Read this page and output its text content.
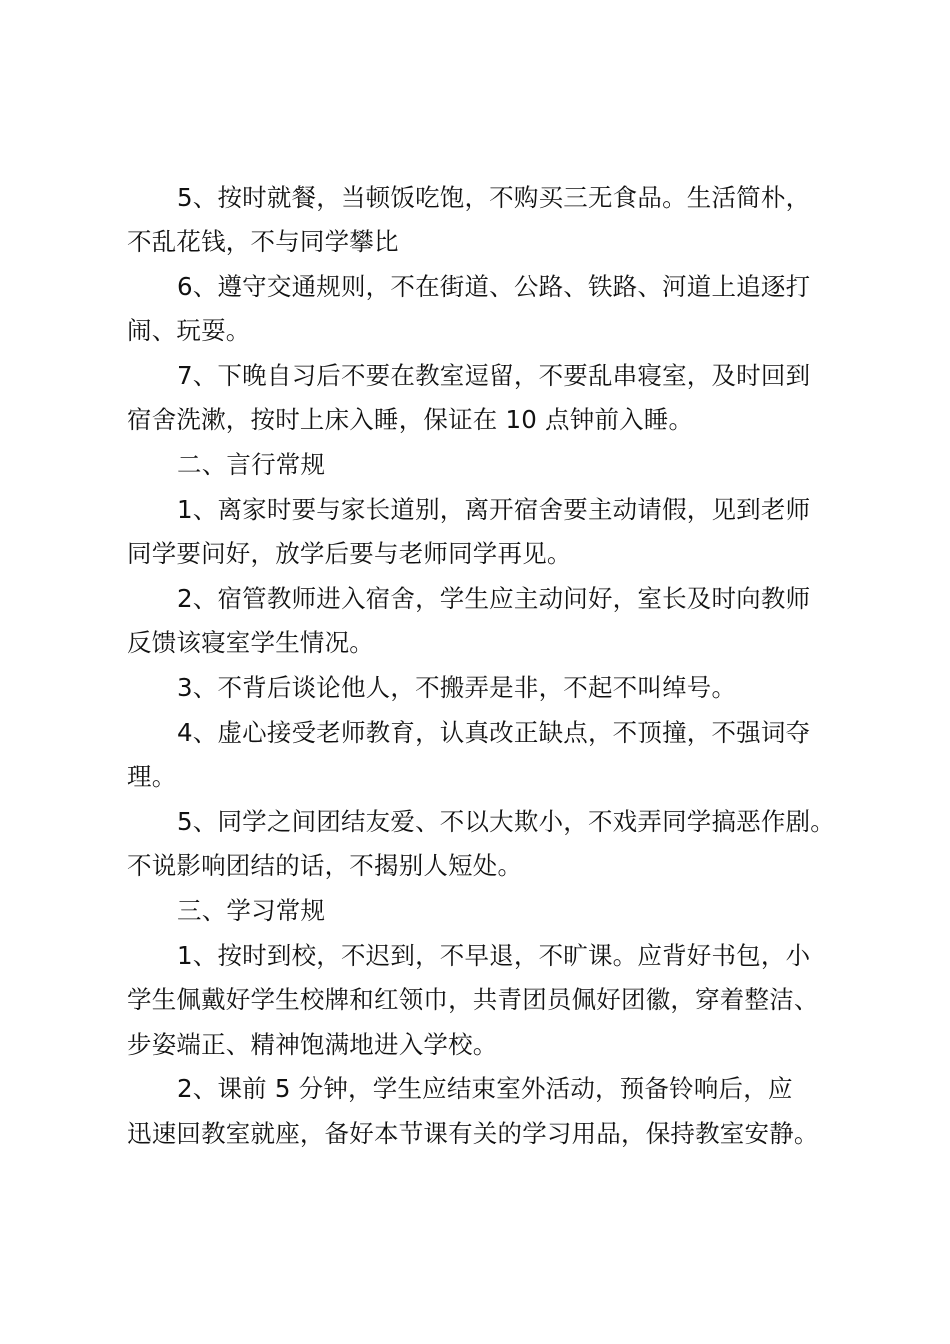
5、按时就餐，当顿饭吃饱，不购买三无食品。生活简朴，

不乱花钱，不与同学攀比

6、遵守交通规则，不在街道、公路、铁路、河道上追逐打

闹、玩耍。

7、下晚自习后不要在教室逗留，不要乱串寝室，及时回到

宿舍洗漱，按时上床入睡，保证在 10 点钟前入睡。

二、言行常规

1、离家时要与家长道别，离开宿舍要主动请假，见到老师

同学要问好，放学后要与老师同学再见。

2、宿管教师进入宿舍，学生应主动问好，室长及时向教师

反馈该寝室学生情况。

3、不背后谈论他人，不搬弄是非，不起不叫绰号。

4、虚心接受老师教育，认真改正缺点，不顶撞，不强词夺

理。

5、同学之间团结友爱、不以大欺小，不戏弄同学搞恶作剧。

不说影响团结的话，不揭别人短处。

三、学习常规

1、按时到校，不迟到，不早退，不旷课。应背好书包，小

学生佩戴好学生校牌和红领巾，共青团员佩好团徽，穿着整洁、

步姿端正、精神饱满地进入学校。

2、课前 5 分钟，学生应结束室外活动，预备铃响后，应

迅速回教室就座，备好本节课有关的学习用品，保持教室安静。
